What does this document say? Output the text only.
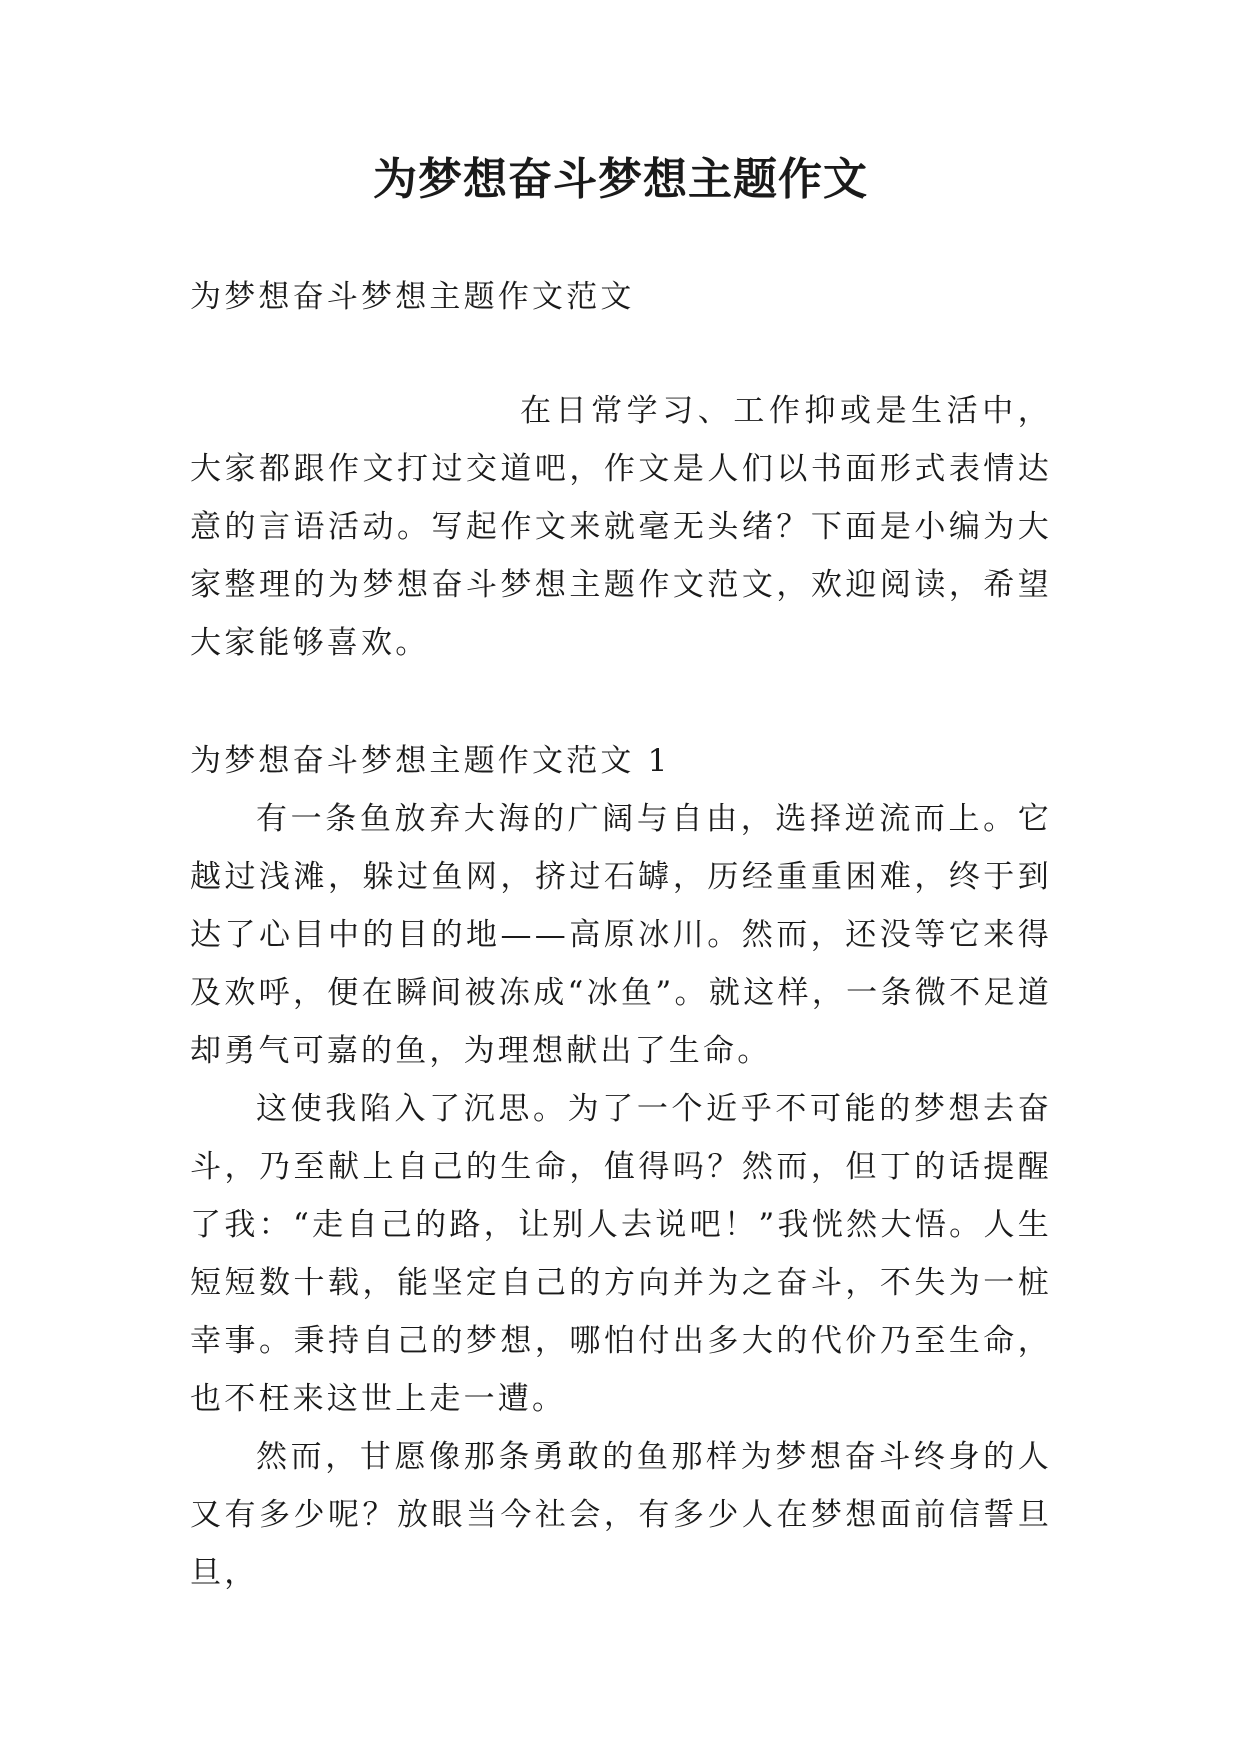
为梦想奋斗梦想主题作文

为梦想奋斗梦想主题作文范文

在日常学习、工作抑或是生活中，大家都跟作文打过交道吧，作文是人们以书面形式表情达意的言语活动。写起作文来就毫无头绪？下面是小编为大家整理的为梦想奋斗梦想主题作文范文，欢迎阅读，希望大家能够喜欢。

为梦想奋斗梦想主题作文范文 1

有一条鱼放弃大海的广阔与自由，选择逆流而上。它越过浅滩，躲过鱼网，挤过石罅，历经重重困难，终于到达了心目中的目的地——高原冰川。然而，还没等它来得及欢呼，便在瞬间被冻成“冰鱼”。就这样，一条微不足道却勇气可嘉的鱼，为理想献出了生命。

这使我陷入了沉思。为了一个近乎不可能的梦想去奋斗，乃至献上自己的生命，值得吗？然而，但丁的话提醒了我：“走自己的路，让别人去说吧！”我恍然大悟。人生短短数十载，能坚定自己的方向并为之奋斗，不失为一桩幸事。秉持自己的梦想，哪怕付出多大的代价乃至生命，也不枉来这世上走一遭。

然而，甘愿像那条勇敢的鱼那样为梦想奋斗终身的人又有多少呢？放眼当今社会，有多少人在梦想面前信誓旦旦，
